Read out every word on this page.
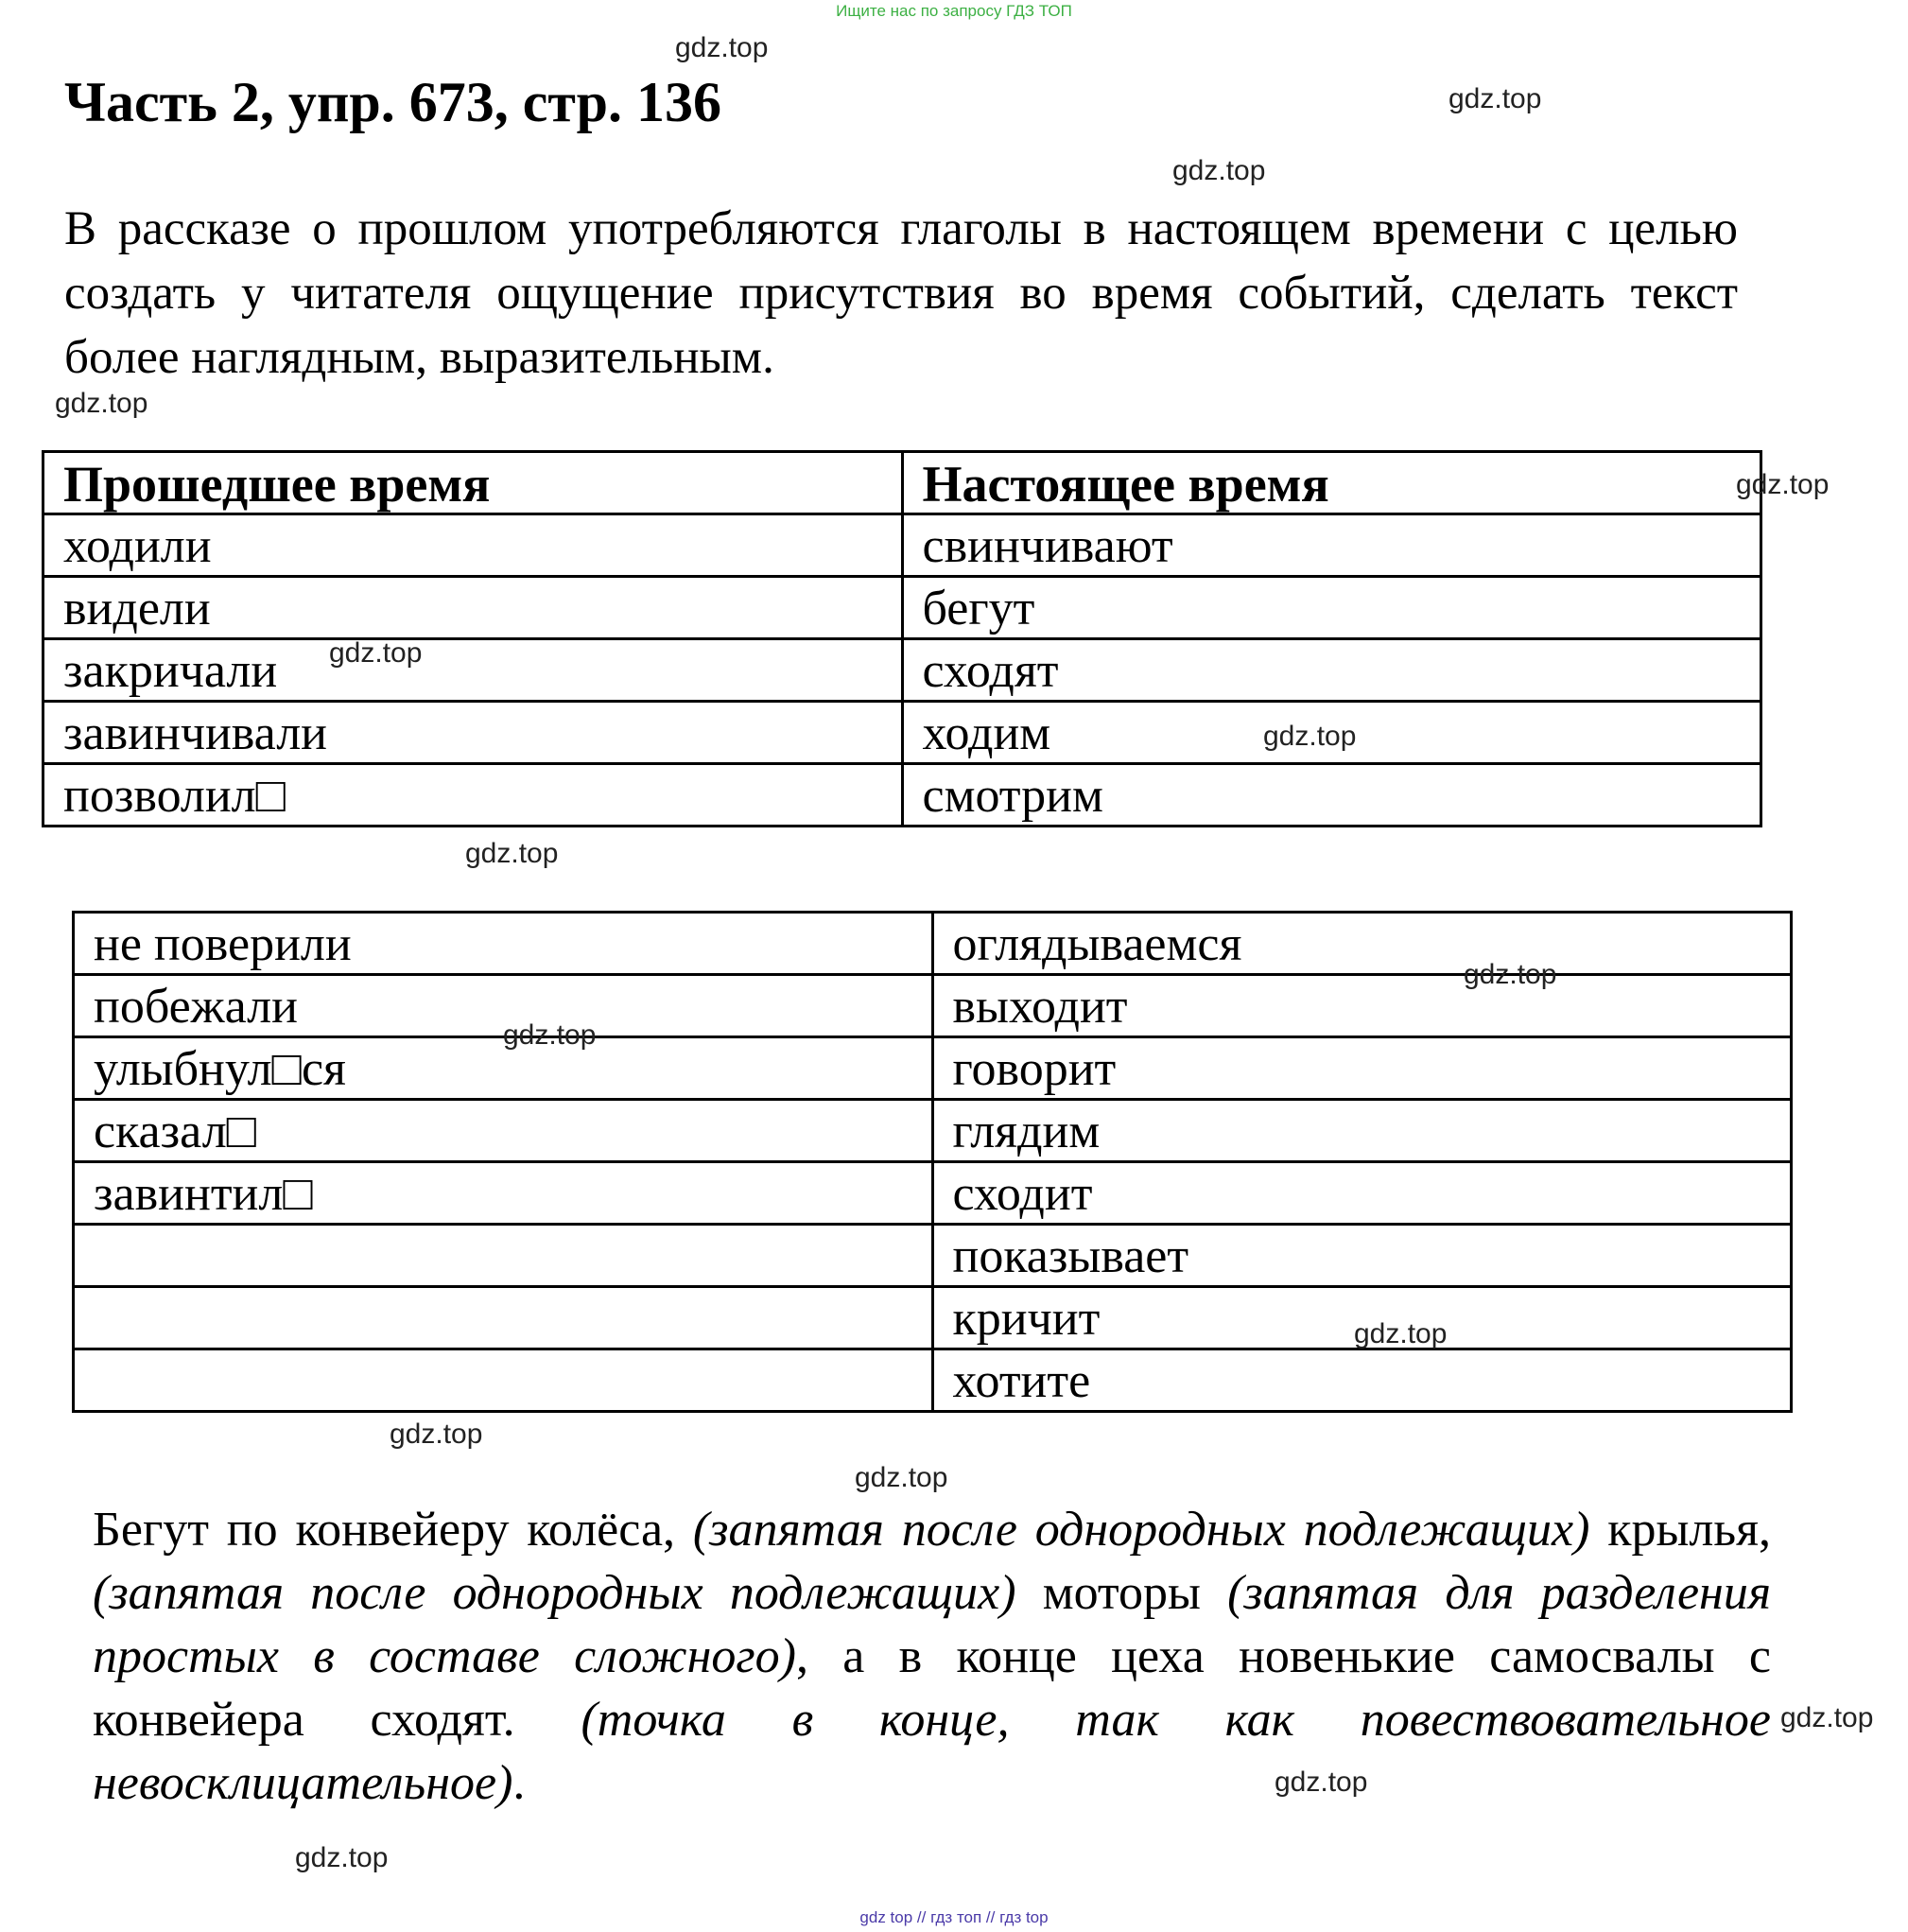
Ищите нас по запросу ГДЗ ТОП
Часть 2, упр. 673, стр. 136
В рассказе о прошлом употребляются глаголы в настоящем времени с целью создать у читателя ощущение присутствия во время событий, сделать текст более наглядным, выразительным.
Прошедшее время	Настоящее время
ходили	свинчивают
видели	бегут
закричали	сходят
завинчивали	ходим
позволил□	смотрим
не поверили	оглядываемся
побежали	выходит
улыбнул□ся	говорит
сказал□	глядим
завинтил□	сходит
	показывает
	кричит
	хотите
Бегут по конвейеру колёса, (запятая после однородных подлежащих) крылья, (запятая после однородных подлежащих) моторы (запятая для разделения простых в составе сложного), а в конце цеха новенькие самосвалы с конвейера сходят. (точка в конце, так как повествовательное невосклицательное).
gdz.top
gdz.top
gdz.top
gdz.top
gdz.top
gdz.top
gdz.top
gdz.top
gdz.top
gdz.top
gdz.top
gdz.top
gdz.top
gdz.top
gdz.top
gdz.top
gdz top // гдз топ // гдз top
